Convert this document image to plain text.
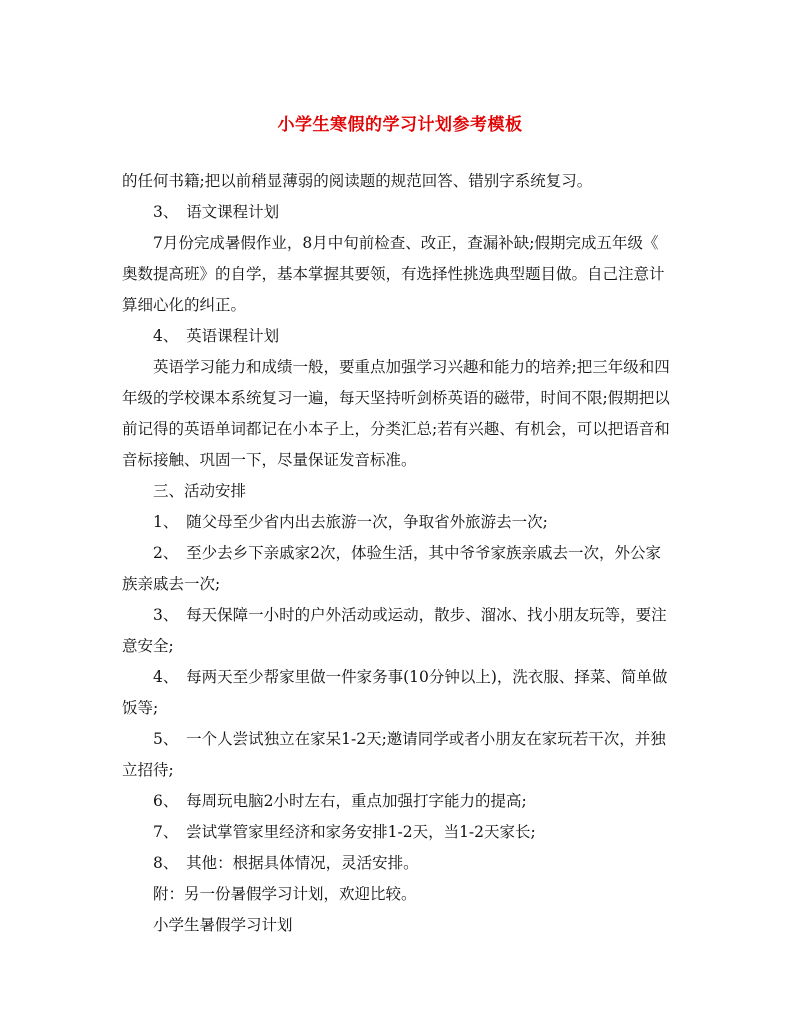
小学生寒假的学习计划参考模板
的任何书籍;把以前稍显薄弱的阅读题的规范回答、错别字系统复习。
3、　语文课程计划
7月份完成暑假作业，8月中旬前检查、改正，查漏补缺;假期完成五年级《
奥数提高班》的自学，基本掌握其要领，有选择性挑选典型题目做。自己注意计
算细心化的纠正。
4、　英语课程计划
英语学习能力和成绩一般，要重点加强学习兴趣和能力的培养;把三年级和四
年级的学校课本系统复习一遍，每天坚持听剑桥英语的磁带，时间不限;假期把以
前记得的英语单词都记在小本子上，分类汇总;若有兴趣、有机会，可以把语音和
音标接触、巩固一下，尽量保证发音标准。
三、活动安排
1、　随父母至少省内出去旅游一次，争取省外旅游去一次;
2、　至少去乡下亲戚家2次，体验生活，其中爷爷家族亲戚去一次，外公家
族亲戚去一次;
3、　每天保障一小时的户外活动或运动，散步、溜冰、找小朋友玩等，要注
意安全;
4、　每两天至少帮家里做一件家务事(10分钟以上)，洗衣服、择菜、简单做
饭等;
5、　一个人尝试独立在家呆1-2天;邀请同学或者小朋友在家玩若干次，并独
立招待;
6、　每周玩电脑2小时左右，重点加强打字能力的提高;
7、　尝试掌管家里经济和家务安排1-2天，当1-2天家长;
8、　其他：根据具体情况，灵活安排。
附：另一份暑假学习计划，欢迎比较。
小学生暑假学习计划
